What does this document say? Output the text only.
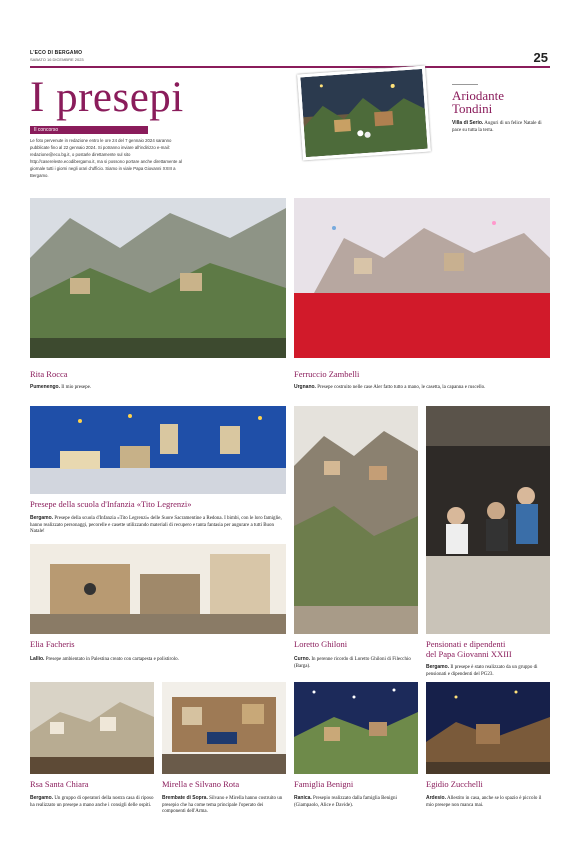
L'ECO DI BERGAMO
SABATO 16 DICEMBRE 2023	25
I presepi
Il concorso
Le foto pervenute in redazione entro le ore 24 del 7 gennaio 2024 saranno pubblicate fino al 22 gennaio 2024. Si potranno inviare all'indirizzo e-mail: redazione@eco.bg.it, o postarle direttamente sul sito http://casereleste.ecodibergamo.it, ma si possono portare anche direttamente al giornale tutti i giorni negli orari d'ufficio. Siamo in viale Papa Giovanni XXIII a Bergamo.
Ariodante
Tondini
Villa di Serio. Auguri di un felice Natale di pace su tutta la terra.
Rita Rocca
Pumenengo. Il mio presepe.
Ferruccio Zambelli
Urgnano. Presepe costruito nelle case Aler fatto tutto a mano, le casetta, la capanna e ruscello.
Presepe della scuola d'Infanzia «Tito Legrenzi»
Bergamo. Presepe della scuola d'Infanzia «Tito Legrenzi» delle Suore Sacramentine a Redona. I bimbi, con le loro famiglie, hanno realizzato personaggi, pecorelle e casette utilizzando materiali di recupero e tanta fantasia per augurare a tutti Buon Natale!
Elia Facheris
Lallio. Presepe ambientato in Palestina creato con cartapesta e polistirolo.
Loretto Ghiloni
Curno. In perenne ricordo di Loretto Ghiloni di Filecchio (Barga).
Pensionati e dipendenti
del Papa Giovanni XXIII
Bergamo. Il presepe è stato realizzato da un gruppo di pensionati e dipendenti del PG23.
Rsa Santa Chiara
Bergamo. Un gruppo di operatori della nostra casa di riposo ha realizzato un presepe a mano anche i consigli delle ospiti.
Mirella e Silvano Rota
Brembate di Sopra. Silvano e Mirella hanno costruito un presepio che ha come tema principale l'operato dei componenti dell'Arma.
Famiglia Benigni
Ranica. Presepio realizzato dalla famiglia Benigni (Giampaolo, Alice e Davide).
Egidio Zucchelli
Ardesio. Allestito in casa, anche se lo spazio è piccolo il mio presepe non manca mai.
